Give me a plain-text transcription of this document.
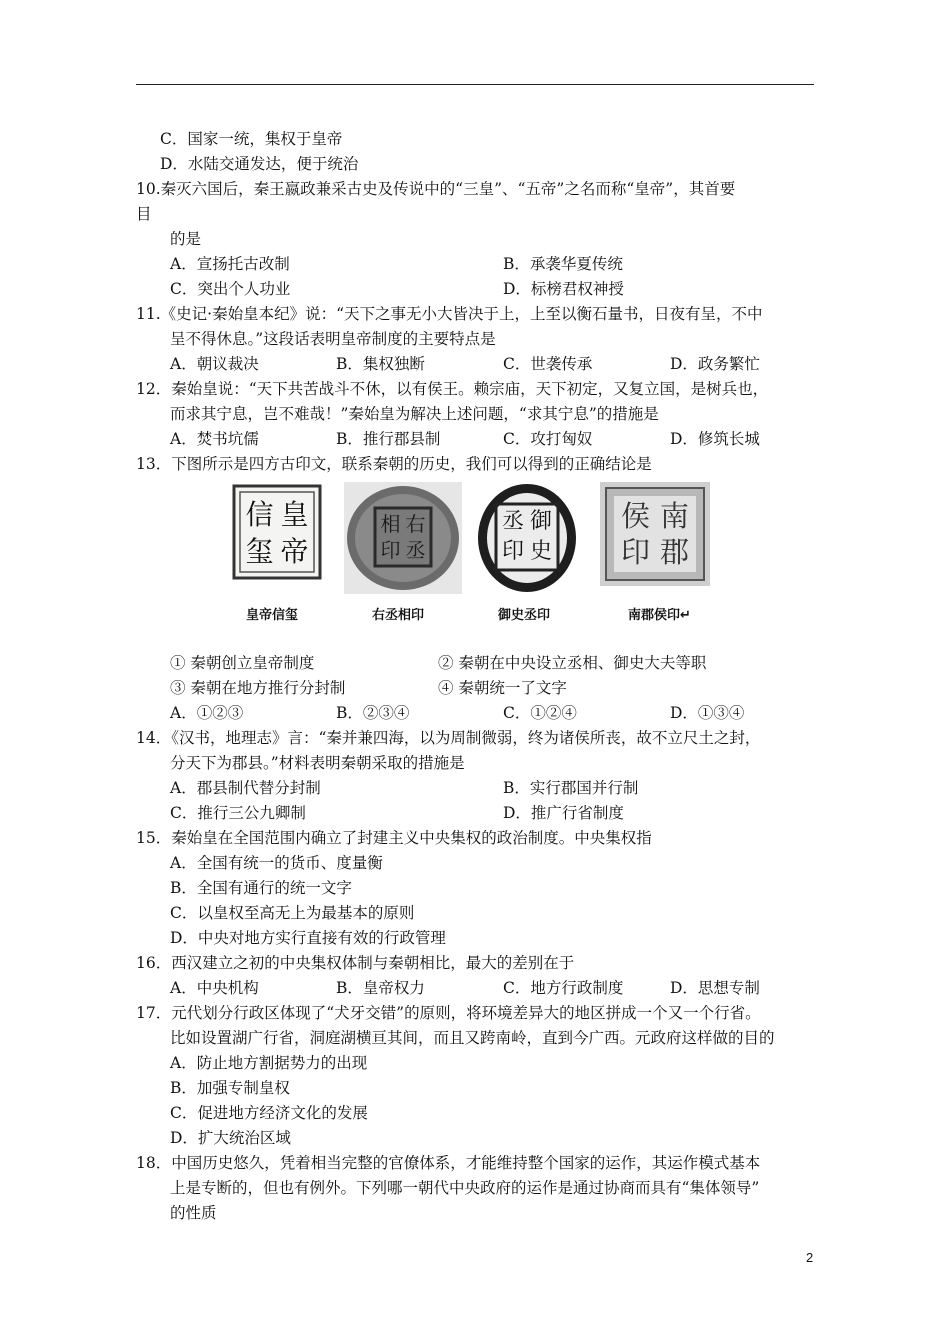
C．国家一统，集权于皇帝
D．水陆交通发达，便于统治
10.秦灭六国后，秦王嬴政兼采古史及传说中的“三皇”、“五帝”之名而称“皇帝”，其首要
目
的是
A．宣扬托古改制	B．承袭华夏传统
C．突出个人功业	D．标榜君权神授
11.《史记·秦始皇本纪》说：“天下之事无小大皆决于上，上至以衡石量书，日夜有呈，不中
呈不得休息。”这段话表明皇帝制度的主要特点是
A．朝议裁决	B．集权独断	C．世袭传承	D．政务繁忙
12．秦始皇说：“天下共苦战斗不休，以有侯王。赖宗庙，天下初定，又复立国，是树兵也，
而求其宁息，岂不难哉！”秦始皇为解决上述问题，“求其宁息”的措施是
A．焚书坑儒	B．推行郡县制	C．攻打匈奴	D．修筑长城
13．下图所示是四方古印文，联系秦朝的历史，我们可以得到的正确结论是
① 秦朝创立皇帝制度	② 秦朝在中央设立丞相、御史大夫等职
③ 秦朝在地方推行分封制	④ 秦朝统一了文字
A．①②③	B．②③④	C．①②④	D．①③④
14．《汉书，地理志》言：“秦并兼四海，以为周制微弱，终为诸侯所丧，故不立尺土之封，
分天下为郡县。”材料表明秦朝采取的措施是
A．郡县制代替分封制	B．实行郡国并行制
C．推行三公九卿制	D．推广行省制度
15．秦始皇在全国范围内确立了封建主义中央集权的政治制度。中央集权指
A．全国有统一的货币、度量衡
B．全国有通行的统一文字
C．以皇权至高无上为最基本的原则
D．中央对地方实行直接有效的行政管理
16．西汉建立之初的中央集权体制与秦朝相比，最大的差别在于
A．中央机构	B．皇帝权力	C．地方行政制度	D．思想专制
17．元代划分行政区体现了“犬牙交错”的原则，将环境差异大的地区拼成一个又一个行省。
比如设置湖广行省，洞庭湖横亘其间，而且又跨南岭，直到今广西。元政府这样做的目的
A．防止地方割据势力的出现
B．加强专制皇权
C．促进地方经济文化的发展
D．扩大统治区域
18．中国历史悠久，凭着相当完整的官僚体系，才能维持整个国家的运作，其运作模式基本
上是专断的，但也有例外。下列哪一朝代中央政府的运作是通过协商而具有“集体领导”
的性质
皇
帝
信
玺
皇帝信玺
右
丞
相
印
右丞相印
御
史
丞
印
御史丞印
南
郡
侯
印
南郡侯印↵
2
